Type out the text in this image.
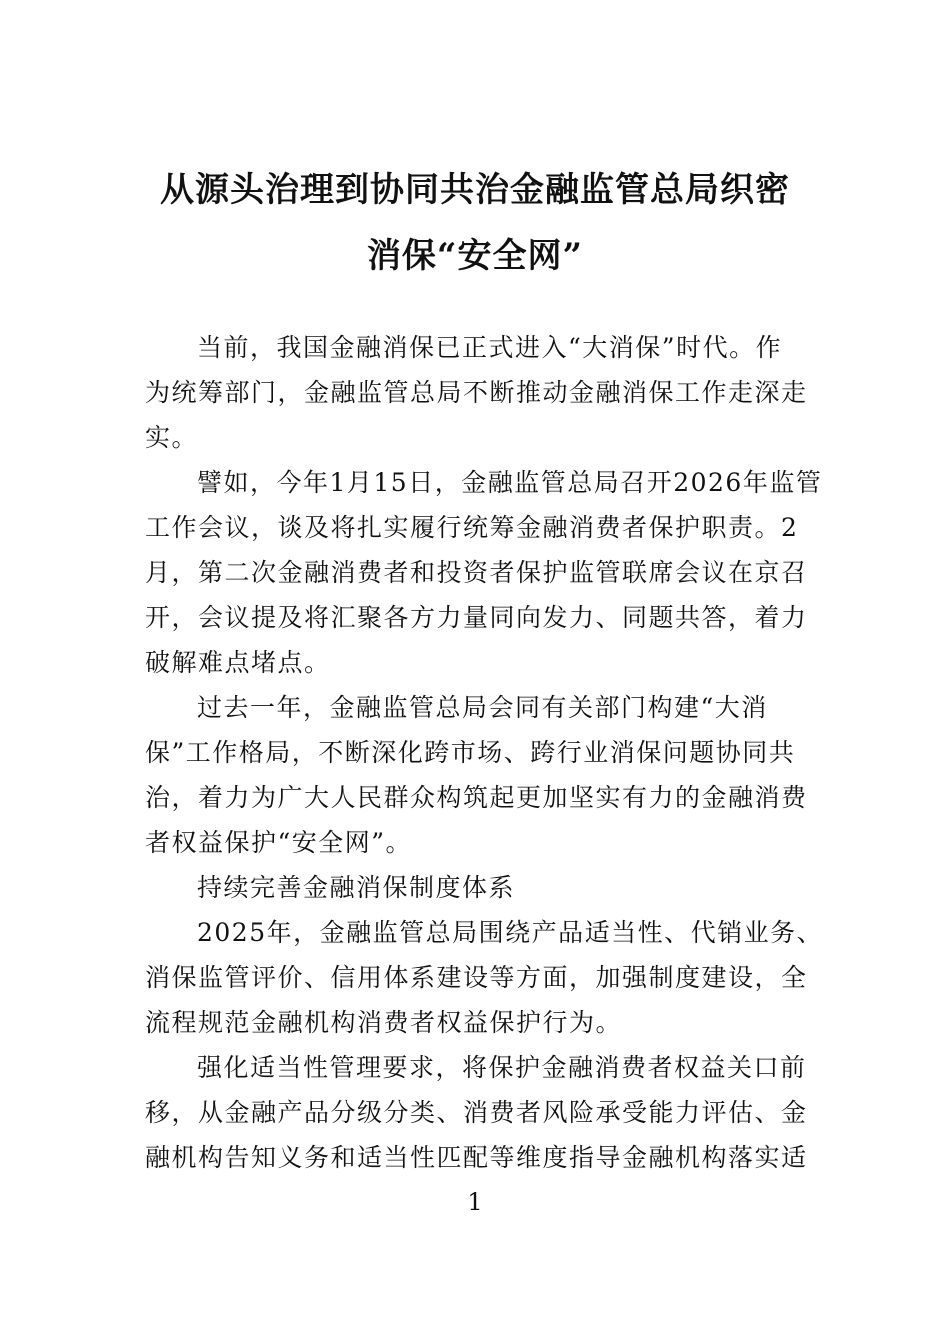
从源头治理到协同共治金融监管总局织密
消保“安全网”
当前，我国金融消保已正式进入“大消保”时代。作
为统筹部门，金融监管总局不断推动金融消保工作走深走
实。
譬如，今年1月15日，金融监管总局召开2026年监管
工作会议，谈及将扎实履行统筹金融消费者保护职责。2
月，第二次金融消费者和投资者保护监管联席会议在京召
开，会议提及将汇聚各方力量同向发力、同题共答，着力
破解难点堵点。
过去一年，金融监管总局会同有关部门构建“大消
保”工作格局，不断深化跨市场、跨行业消保问题协同共
治，着力为广大人民群众构筑起更加坚实有力的金融消费
者权益保护“安全网”。
持续完善金融消保制度体系
2025年，金融监管总局围绕产品适当性、代销业务、
消保监管评价、信用体系建设等方面，加强制度建设，全
流程规范金融机构消费者权益保护行为。
强化适当性管理要求，将保护金融消费者权益关口前
移，从金融产品分级分类、消费者风险承受能力评估、金
融机构告知义务和适当性匹配等维度指导金融机构落实适
1
